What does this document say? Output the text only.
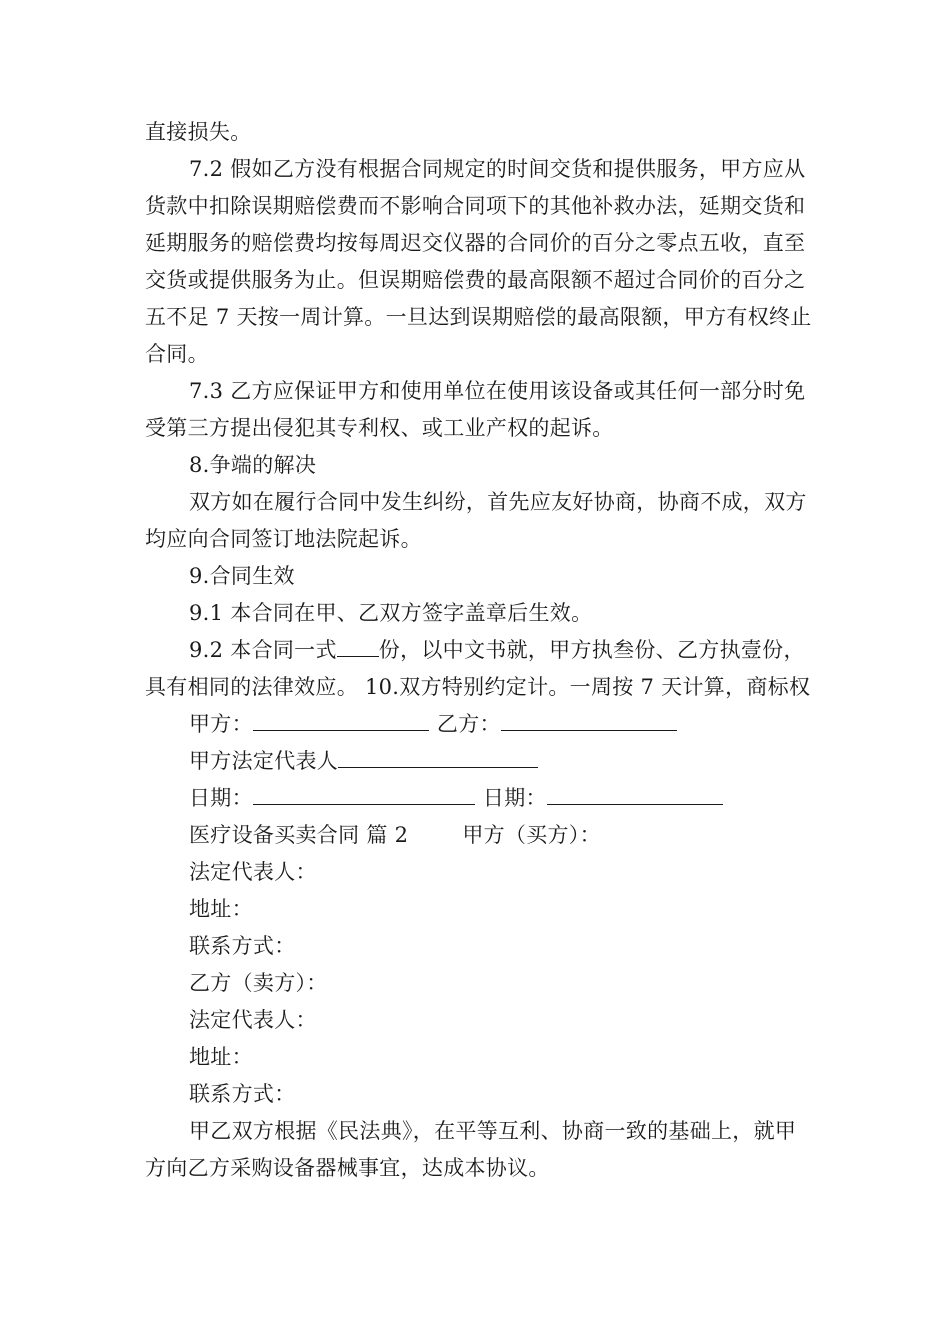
直接损失。

7.2 假如乙方没有根据合同规定的时间交货和提供服务，甲方应从货款中扣除误期赔偿费而不影响合同项下的其他补救办法，延期交货和延期服务的赔偿费均按每周迟交仪器的合同价的百分之零点五收，直至交货或提供服务为止。但误期赔偿费的最高限额不超过合同价的百分之五不足 7 天按一周计算。一旦达到误期赔偿的最高限额，甲方有权终止合同。

7.3 乙方应保证甲方和使用单位在使用该设备或其任何一部分时免受第三方提出侵犯其专利权、或工业产权的起诉。

8.争端的解决

双方如在履行合同中发生纠纷，首先应友好协商，协商不成，双方均应向合同签订地法院起诉。

9.合同生效

9.1 本合同在甲、乙双方签字盖章后生效。

9.2 本合同一式 份，以中文书就，甲方执叁份、乙方执壹份，具有相同的法律效应。 10.双方特别约定计。一周按 7 天计算，商标权

甲方：	乙方：

甲方法定代表人

日期：	日期：

医疗设备买卖合同 篇 2	甲方（买方）：

法定代表人：

地址：

联系方式：

乙方（卖方）：

法定代表人：

地址：

联系方式：

甲乙双方根据《民法典》，在平等互利、协商一致的基础上，就甲方向乙方采购设备器械事宜，达成本协议。
